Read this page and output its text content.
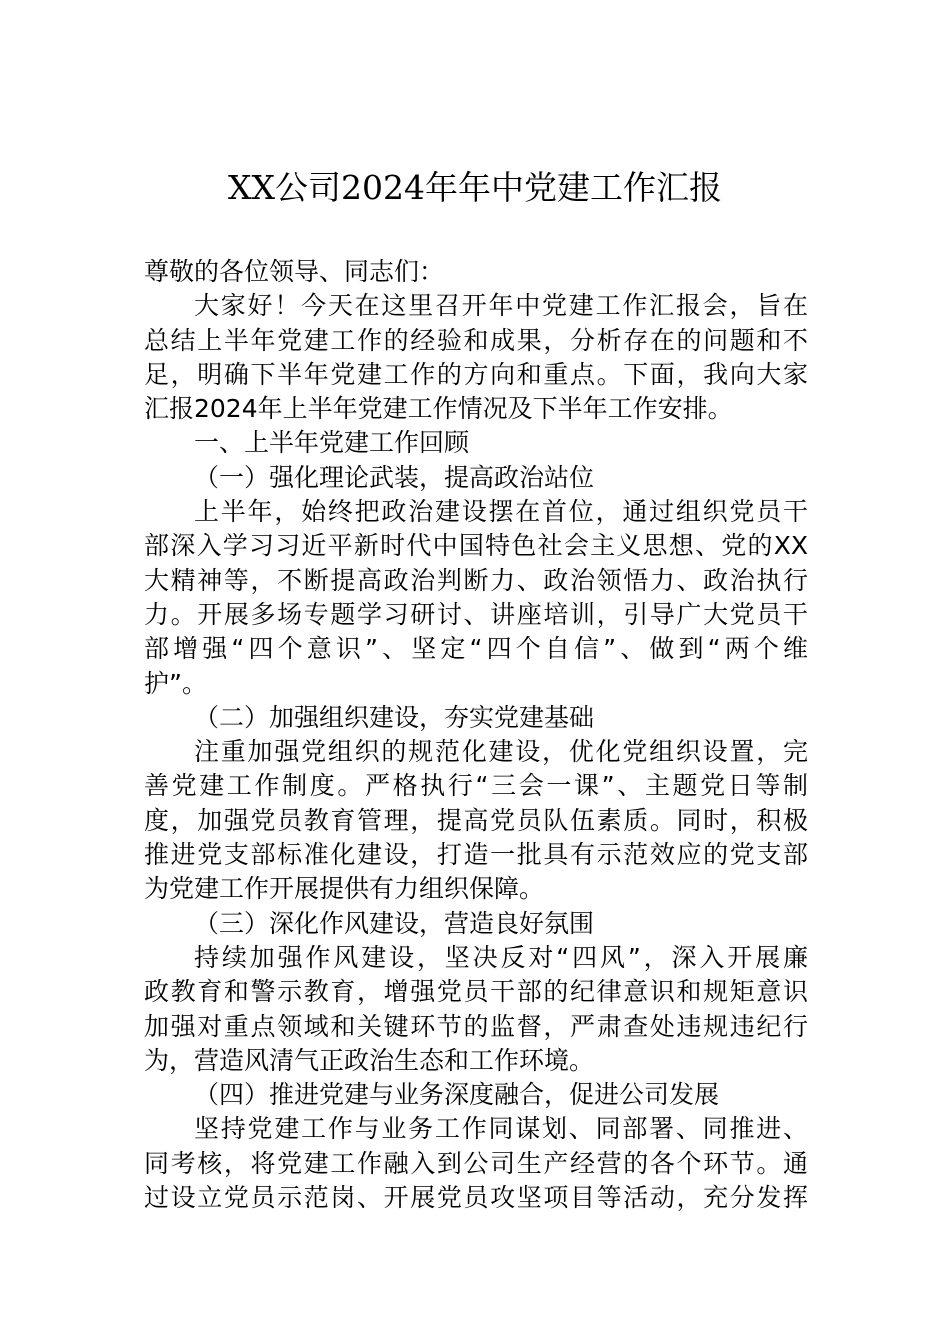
XX公司2024年年中党建工作汇报
尊敬的各位领导、同志们：
大家好！今天在这里召开年中党建工作汇报会，旨在
总结上半年党建工作的经验和成果，分析存在的问题和不
足，明确下半年党建工作的方向和重点。下面，我向大家
汇报2024年上半年党建工作情况及下半年工作安排。
一、上半年党建工作回顾
（一）强化理论武装，提高政治站位
上半年，始终把政治建设摆在首位，通过组织党员干
部深入学习习近平新时代中国特色社会主义思想、党的XX
大精神等，不断提高政治判断力、政治领悟力、政治执行
力。开展多场专题学习研讨、讲座培训，引导广大党员干
部增强“四个意识”、坚定“四个自信”、做到“两个维
护”。
（二）加强组织建设，夯实党建基础
注重加强党组织的规范化建设，优化党组织设置，完
善党建工作制度。严格执行“三会一课”、主题党日等制
度，加强党员教育管理，提高党员队伍素质。同时，积极
推进党支部标准化建设，打造一批具有示范效应的党支部
为党建工作开展提供有力组织保障。
（三）深化作风建设，营造良好氛围
持续加强作风建设，坚决反对“四风”，深入开展廉
政教育和警示教育，增强党员干部的纪律意识和规矩意识
加强对重点领域和关键环节的监督，严肃查处违规违纪行
为，营造风清气正政治生态和工作环境。
（四）推进党建与业务深度融合，促进公司发展
坚持党建工作与业务工作同谋划、同部署、同推进、
同考核，将党建工作融入到公司生产经营的各个环节。通
过设立党员示范岗、开展党员攻坚项目等活动，充分发挥
